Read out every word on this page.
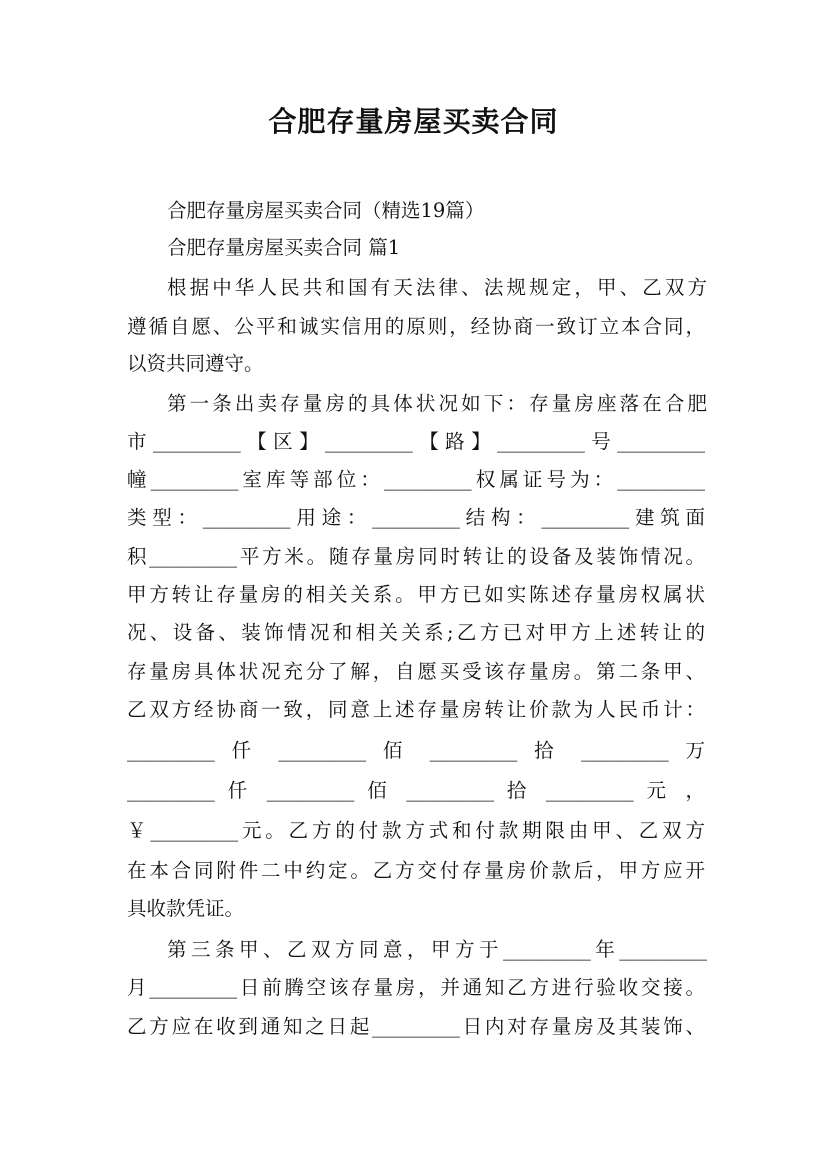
合肥存量房屋买卖合同
合肥存量房屋买卖合同（精选19篇）
合肥存量房屋买卖合同 篇1
根据中华人民共和国有天法律、法规规定，甲、乙双方
遵循自愿、公平和诚实信用的原则，经协商一致订立本合同，
以资共同遵守。
第一条出卖存量房的具体状况如下：存量房座落在合肥
市_________【区】_________【路】_________号_________
幢_________室库等部位：_________权属证号为：_________
类型：_________用途：_________结构：_________建筑面
积_________平方米。随存量房同时转让的设备及装饰情况。
甲方转让存量房的相关关系。甲方已如实陈述存量房权属状
况、设备、装饰情况和相关关系;乙方已对甲方上述转让的
存量房具体状况充分了解，自愿买受该存量房。第二条甲、
乙双方经协商一致，同意上述存量房转让价款为人民币计：
_________ 仟 _________ 佰 _________ 拾 _________ 万
_________ 仟 _________ 佰 _________ 拾 _________ 元 ，
￥_________元。乙方的付款方式和付款期限由甲、乙双方
在本合同附件二中约定。乙方交付存量房价款后，甲方应开
具收款凭证。
第三条甲、乙双方同意，甲方于_________年_________
月_________日前腾空该存量房，并通知乙方进行验收交接。
乙方应在收到通知之日起_________日内对存量房及其装饰、
